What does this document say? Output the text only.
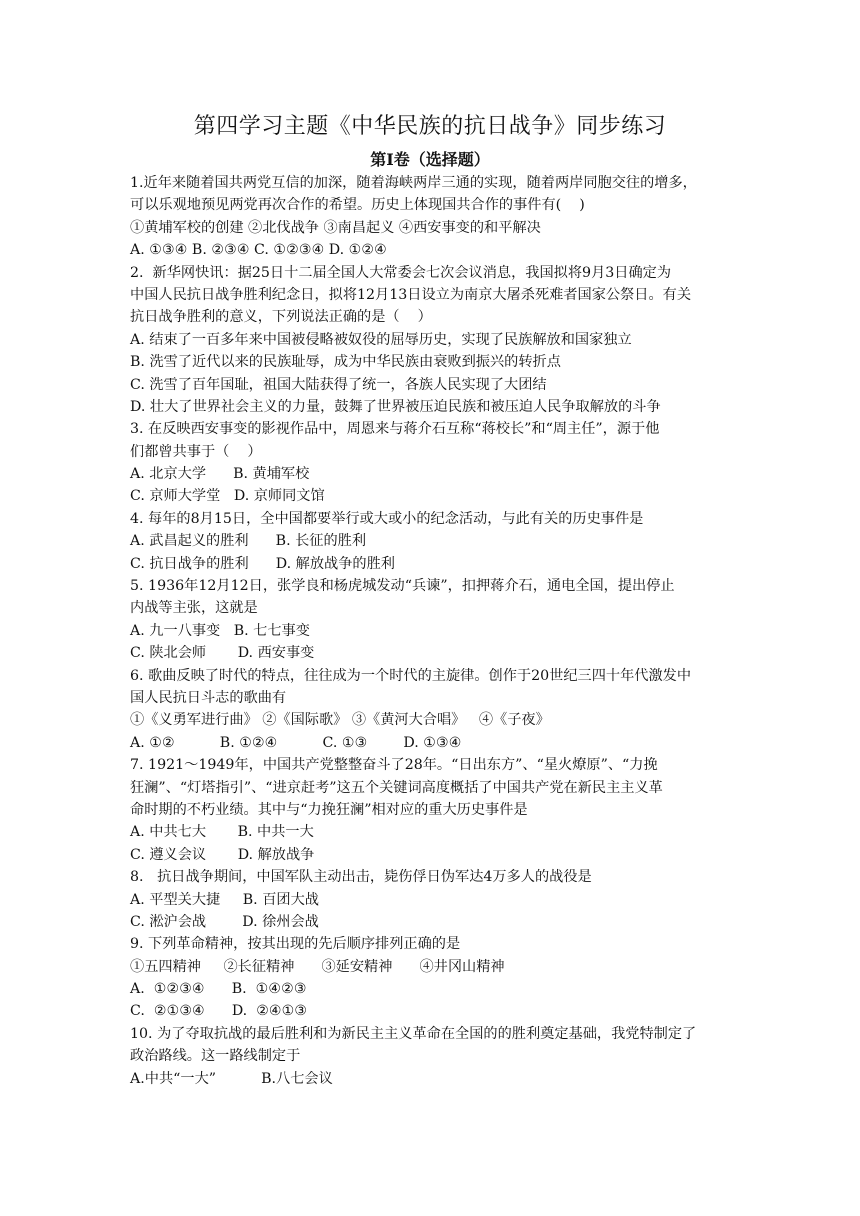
第四学习主题《中华民族的抗日战争》同步练习
第Ⅰ卷（选择题）
1.近年来随着国共两党互信的加深，随着海峡两岸三通的实现，随着两岸同胞交往的增多，
可以乐观地预见两党再次合作的希望。历史上体现国共合作的事件有(    )
①黄埔军校的创建 ②北伐战争 ③南昌起义 ④西安事变的和平解决
A. ①③④ B. ②③④ C. ①②③④ D. ①②④
2.  新华网快讯：据25日十二届全国人大常委会七次会议消息，我国拟将9月3日确定为
中国人民抗日战争胜利纪念日，拟将12月13日设立为南京大屠杀死难者国家公祭日。有关
抗日战争胜利的意义，下列说法正确的是（    ）
A. 结束了一百多年来中国被侵略被奴役的屈辱历史，实现了民族解放和国家独立
B. 洗雪了近代以来的民族耻辱，成为中华民族由衰败到振兴的转折点
C. 洗雪了百年国耻，祖国大陆获得了统一，各族人民实现了大团结
D. 壮大了世界社会主义的力量，鼓舞了世界被压迫民族和被压迫人民争取解放的斗争
3. 在反映西安事变的影视作品中，周恩来与蒋介石互称“蒋校长”和“周主任”，源于他
们都曾共事于（    ）
A. 北京大学      B. 黄埔军校
C. 京师大学堂   D. 京师同文馆
4. 每年的8月15日，全中国都要举行或大或小的纪念活动，与此有关的历史事件是
A. 武昌起义的胜利      B. 长征的胜利
C. 抗日战争的胜利      D. 解放战争的胜利
5. 1936年12月12日，张学良和杨虎城发动“兵谏”，扣押蒋介石，通电全国，提出停止
内战等主张，这就是
A. 九一八事变   B. 七七事变
C. 陕北会师       D. 西安事变
6. 歌曲反映了时代的特点，往往成为一个时代的主旋律。创作于20世纪三四十年代激发中
国人民抗日斗志的歌曲有
①《义勇军进行曲》 ②《国际歌》 ③《黄河大合唱》   ④《子夜》
A. ①②          B. ①②④          C. ①③        D. ①③④
7. 1921～1949年，中国共产党整整奋斗了28年。“日出东方”、“星火燎原”、“力挽
狂澜”、“灯塔指引”、“进京赶考”这五个关键词高度概括了中国共产党在新民主主义革
命时期的不朽业绩。其中与“力挽狂澜”相对应的重大历史事件是
A. 中共七大       B. 中共一大
C. 遵义会议       D. 解放战争
8.   抗日战争期间，中国军队主动出击，毙伤俘日伪军达4万多人的战役是
A. 平型关大捷     B. 百团大战
C. 淞沪会战        D. 徐州会战
9. 下列革命精神，按其出现的先后顺序排列正确的是
①五四精神     ②长征精神      ③延安精神      ④井冈山精神
A.  ①②③④      B.  ①④②③
C.  ②①③④      D.  ②④①③
10. 为了夺取抗战的最后胜利和为新民主主义革命在全国的的胜利奠定基础，我党特制定了
政治路线。这一路线制定于
A.中共“一大”          B.八七会议
